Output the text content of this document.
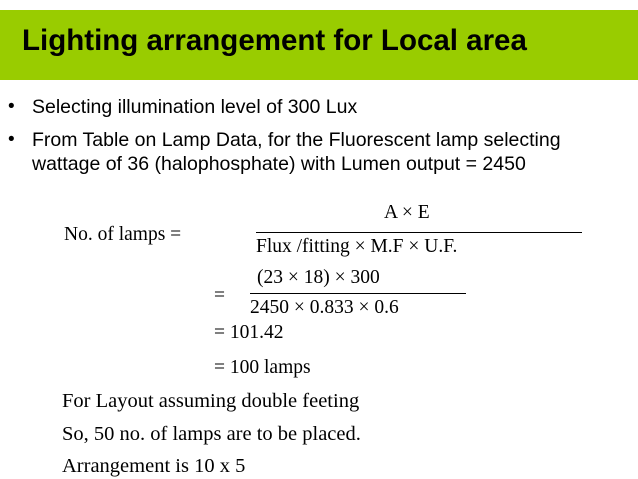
Lighting arrangement for Local area
• Selecting illumination level of 300 Lux
• From Table on Lamp Data, for the Fluorescent lamp selecting wattage of 36 (halophosphate) with Lumen output = 2450
No. of lamps =
A × E
Flux /fitting × M.F × U.F.
=
(23 × 18) × 300
2450 × 0.833 × 0.6
= 101.42
= 100 lamps
For Layout assuming double feeting
So, 50 no. of lamps are to be placed.
Arrangement is 10 x 5
